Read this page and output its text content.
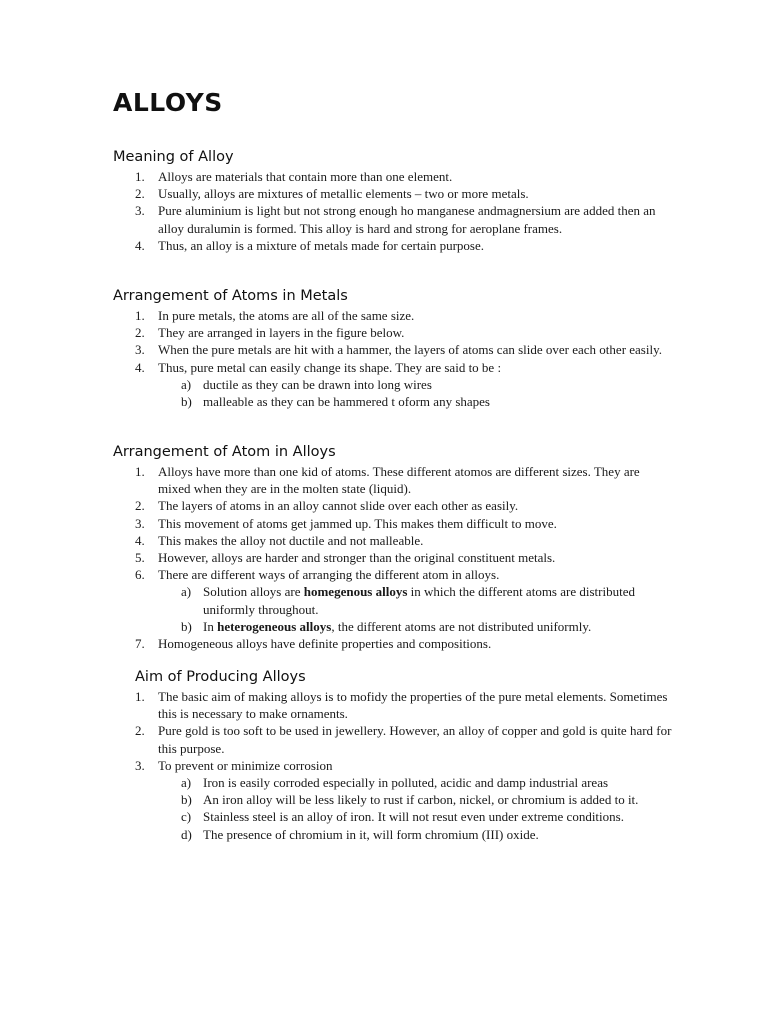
ALLOYS
Meaning of Alloy
1. Alloys are materials that contain more than one element.
2. Usually, alloys are mixtures of metallic elements – two or more metals.
3. Pure aluminium is light but not strong enough ho manganese andmagnersium are added then an alloy duralumin is formed. This alloy is hard and strong for aeroplane frames.
4. Thus, an alloy is a mixture of metals made for certain purpose.
Arrangement of Atoms in Metals
1. In pure metals, the atoms are all of the same size.
2. They are arranged in layers in the figure below.
3. When the pure metals are hit with a hammer, the layers of atoms can slide over each other easily.
4. Thus, pure metal can easily change its shape. They are said to be :
a) ductile as they can be drawn into long wires
b) malleable as they can be hammered t oform any shapes
Arrangement of Atom in Alloys
1. Alloys have more than one kid of atoms. These different atomos are different sizes. They are mixed when they are in the molten state (liquid).
2. The layers of atoms in an alloy cannot slide over each other as easily.
3. This movement of atoms get jammed up. This makes them difficult to move.
4. This makes the alloy not ductile and not malleable.
5. However, alloys are harder and stronger than the original constituent metals.
6. There are different ways of arranging the different atom in alloys.
a) Solution alloys are homegenous alloys in which the different atoms are distributed uniformly throughout.
b) In heterogeneous alloys, the different atoms are not distributed uniformly.
7. Homogeneous alloys have definite properties and compositions.
Aim of Producing Alloys
1. The basic aim of making alloys is to mofidy the properties of the pure metal elements. Sometimes this is necessary to make ornaments.
2. Pure gold is too soft to be used in jewellery. However, an alloy of copper and gold is quite hard for this purpose.
3. To prevent or minimize corrosion
a) Iron is easily corroded especially in polluted, acidic and damp industrial areas
b) An iron alloy will be less likely to rust if carbon, nickel, or chromium is added to it.
c) Stainless steel is an alloy of iron. It will not resut even under extreme conditions.
d) The presence of chromium in it, will form chromium (III) oxide.
